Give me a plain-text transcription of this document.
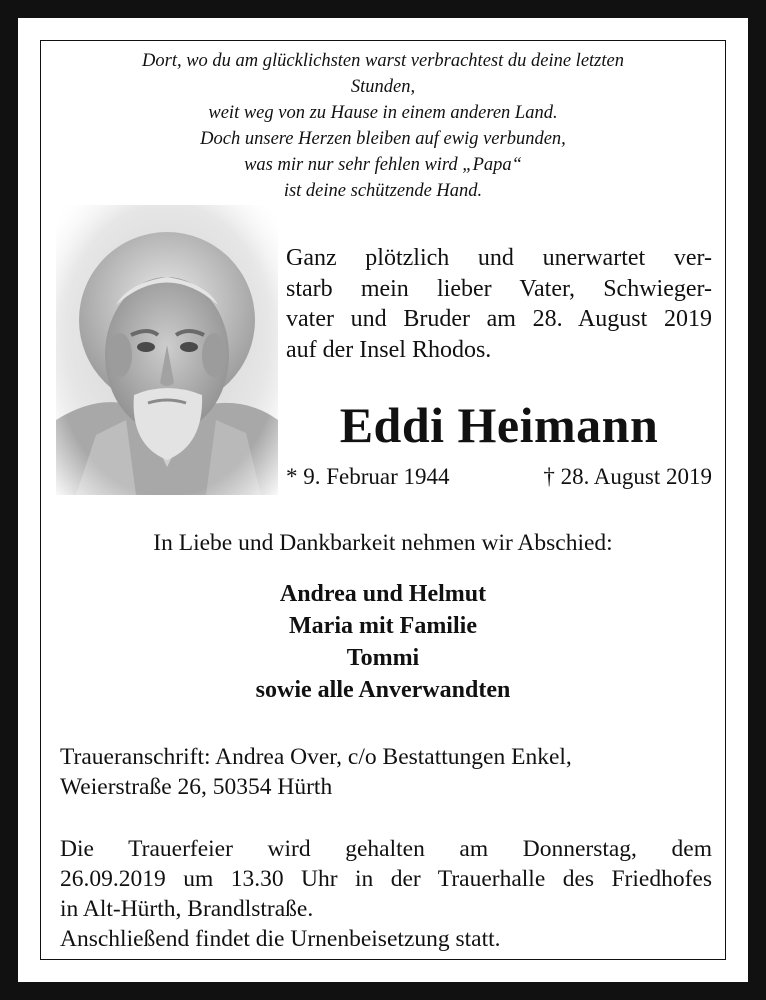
Dort, wo du am glücklichsten warst verbrachtest du deine letzten
Stunden,
weit weg von zu Hause in einem anderen Land.
Doch unsere Herzen bleiben auf ewig verbunden,
was mir nur sehr fehlen wird „Papa“
ist deine schützende Hand.
Ganz plötzlich und unerwartet ver-
starb mein lieber Vater, Schwieger-
vater und Bruder am 28. August 2019
auf der Insel Rhodos.
Eddi Heimann
* 9. Februar 1944	† 28. August 2019
In Liebe und Dankbarkeit nehmen wir Abschied:
Andrea und Helmut
Maria mit Familie
Tommi
sowie alle Anverwandten
Traueranschrift: Andrea Over, c/o Bestattungen Enkel,
Weierstraße 26, 50354 Hürth
Die Trauerfeier wird gehalten am Donnerstag, dem
26.09.2019 um 13.30 Uhr in der Trauerhalle des Friedhofes
in Alt-Hürth, Brandlstraße.
Anschließend findet die Urnenbeisetzung statt.
